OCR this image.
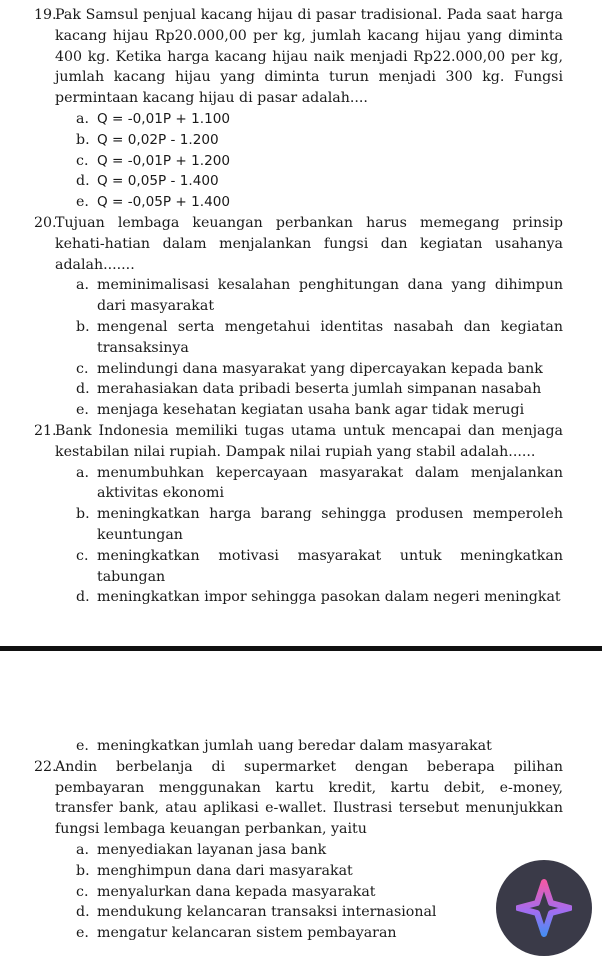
19.
Pak Samsul penjual kacang hijau di pasar tradisional. Pada saat harga kacang hijau Rp20.000,00 per kg, jumlah kacang hijau yang diminta 400 kg. Ketika harga kacang hijau naik menjadi Rp22.000,00 per kg, jumlah kacang hijau yang diminta turun menjadi 300 kg. Fungsi permintaan kacang hijau di pasar adalah....
a. Q = -0,01P + 1.100
b. Q = 0,02P - 1.200
c. Q = -0,01P + 1.200
d. Q = 0,05P - 1.400
e. Q = -0,05P + 1.400
20.
Tujuan lembaga keuangan perbankan harus memegang prinsip kehati-hatian dalam menjalankan fungsi dan kegiatan usahanya adalah.......
a. meminimalisasi kesalahan penghitungan dana yang dihimpun dari masyarakat
b. mengenal serta mengetahui identitas nasabah dan kegiatan transaksinya
c. melindungi dana masyarakat yang dipercayakan kepada bank
d. merahasiakan data pribadi beserta jumlah simpanan nasabah
e. menjaga kesehatan kegiatan usaha bank agar tidak merugi
21.
Bank Indonesia memiliki tugas utama untuk mencapai dan menjaga kestabilan nilai rupiah. Dampak nilai rupiah yang stabil adalah......
a. menumbuhkan kepercayaan masyarakat dalam menjalankan aktivitas ekonomi
b. meningkatkan harga barang sehingga produsen memperoleh keuntungan
c. meningkatkan motivasi masyarakat untuk meningkatkan tabungan
d. meningkatkan impor sehingga pasokan dalam negeri meningkat
e. meningkatkan jumlah uang beredar dalam masyarakat
22.
Andin berbelanja di supermarket dengan beberapa pilihan pembayaran menggunakan kartu kredit, kartu debit, e-money, transfer bank, atau aplikasi e-wallet. Ilustrasi tersebut menunjukkan fungsi lembaga keuangan perbankan, yaitu
a. menyediakan layanan jasa bank
b. menghimpun dana dari masyarakat
c. menyalurkan dana kepada masyarakat
d. mendukung kelancaran transaksi internasional
e. mengatur kelancaran sistem pembayaran
